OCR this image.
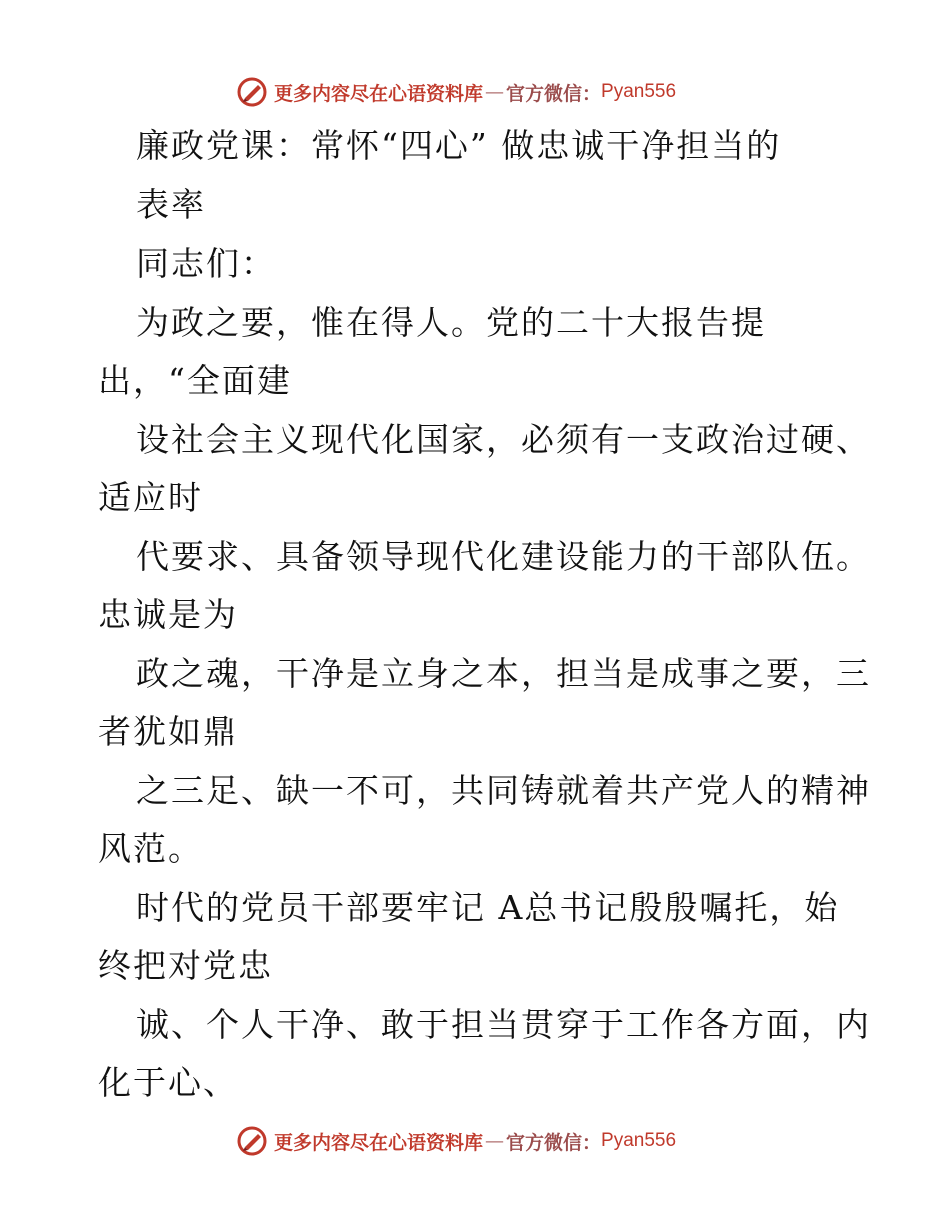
更多内容尽在心语资料库 — 官方微信： Pyan556
廉政党课：常怀“四心” 做忠诚干净担当的
表率
同志们：
为政之要，惟在得人。党的二十大报告提
出，“全面建
设社会主义现代化国家，必须有一支政治过硬、
适应时
代要求、具备领导现代化建设能力的干部队伍。
忠诚是为
政之魂，干净是立身之本，担当是成事之要，三
者犹如鼎
之三足、缺一不可，共同铸就着共产党人的精神
风范。
时代的党员干部要牢记 A总书记殷殷嘱托，始
终把对党忠
诚、个人干净、敢于担当贯穿于工作各方面，内
化于心、
更多内容尽在心语资料库 — 官方微信： Pyan556
